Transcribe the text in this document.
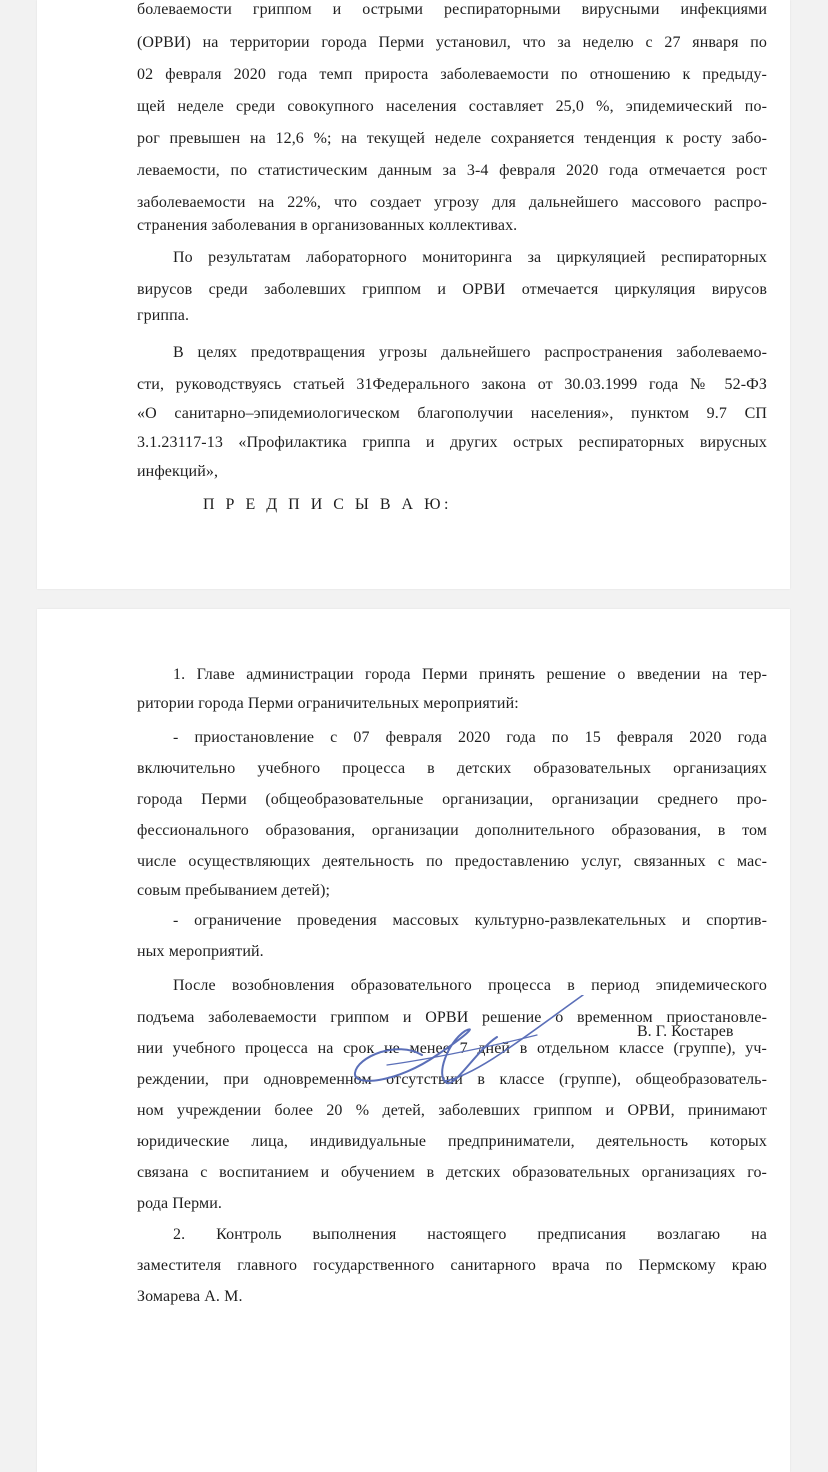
болеваемости гриппом и острыми респираторными вирусными инфекциями
(ОРВИ) на территории города Перми установил, что за неделю с 27 января по
02 февраля 2020 года темп прироста заболеваемости по отношению к предыду-
щей неделе среди совокупного населения составляет 25,0 %, эпидемический по-
рог превышен на 12,6 %; на текущей неделе сохраняется тенденция к росту забо-
леваемости, по статистическим данным за 3-4 февраля 2020 года отмечается рост
заболеваемости на 22%, что создает угрозу для дальнейшего массового распро-
странения заболевания в организованных коллективах.
По результатам лабораторного мониторинга за циркуляцией респираторных
вирусов среди заболевших гриппом и ОРВИ отмечается циркуляция вирусов
гриппа.
В целях предотвращения угрозы дальнейшего распространения заболеваемо-
сти, руководствуясь статьей 31Федерального закона от 30.03.1999 года № 52-ФЗ
«О санитарно–эпидемиологическом благополучии населения», пунктом 9.7 СП
3.1.23117-13 «Профилактика гриппа и других острых респираторных вирусных
инфекций»,
П Р Е Д П И С Ы В А Ю:
1. Главе администрации города Перми принять решение о введении на тер-
ритории города Перми ограничительных мероприятий:
- приостановление с 07 февраля 2020 года по 15 февраля 2020 года
включительно учебного процесса в детских образовательных организациях
города Перми (общеобразовательные организации, организации среднего про-
фессионального образования, организации дополнительного образования, в том
числе осуществляющих деятельность по предоставлению услуг, связанных с мас-
совым пребыванием детей);
- ограничение проведения массовых культурно-развлекательных и спортив-
ных мероприятий.
После возобновления образовательного процесса в период эпидемического
подъема заболеваемости гриппом и ОРВИ решение о временном приостановле-
нии учебного процесса на срок не менее 7 дней в отдельном классе (группе), уч-
реждении, при одновременном отсутствии в классе (группе), общеобразователь-
ном учреждении более 20 % детей, заболевших гриппом и ОРВИ, принимают
юридические лица, индивидуальные предприниматели, деятельность которых
связана с воспитанием и обучением в детских образовательных организациях го-
рода Перми.
2. Контроль выполнения настоящего предписания возлагаю на
заместителя главного государственного санитарного врача по Пермскому краю
Зомарева А. М.
В. Г. Костарев
